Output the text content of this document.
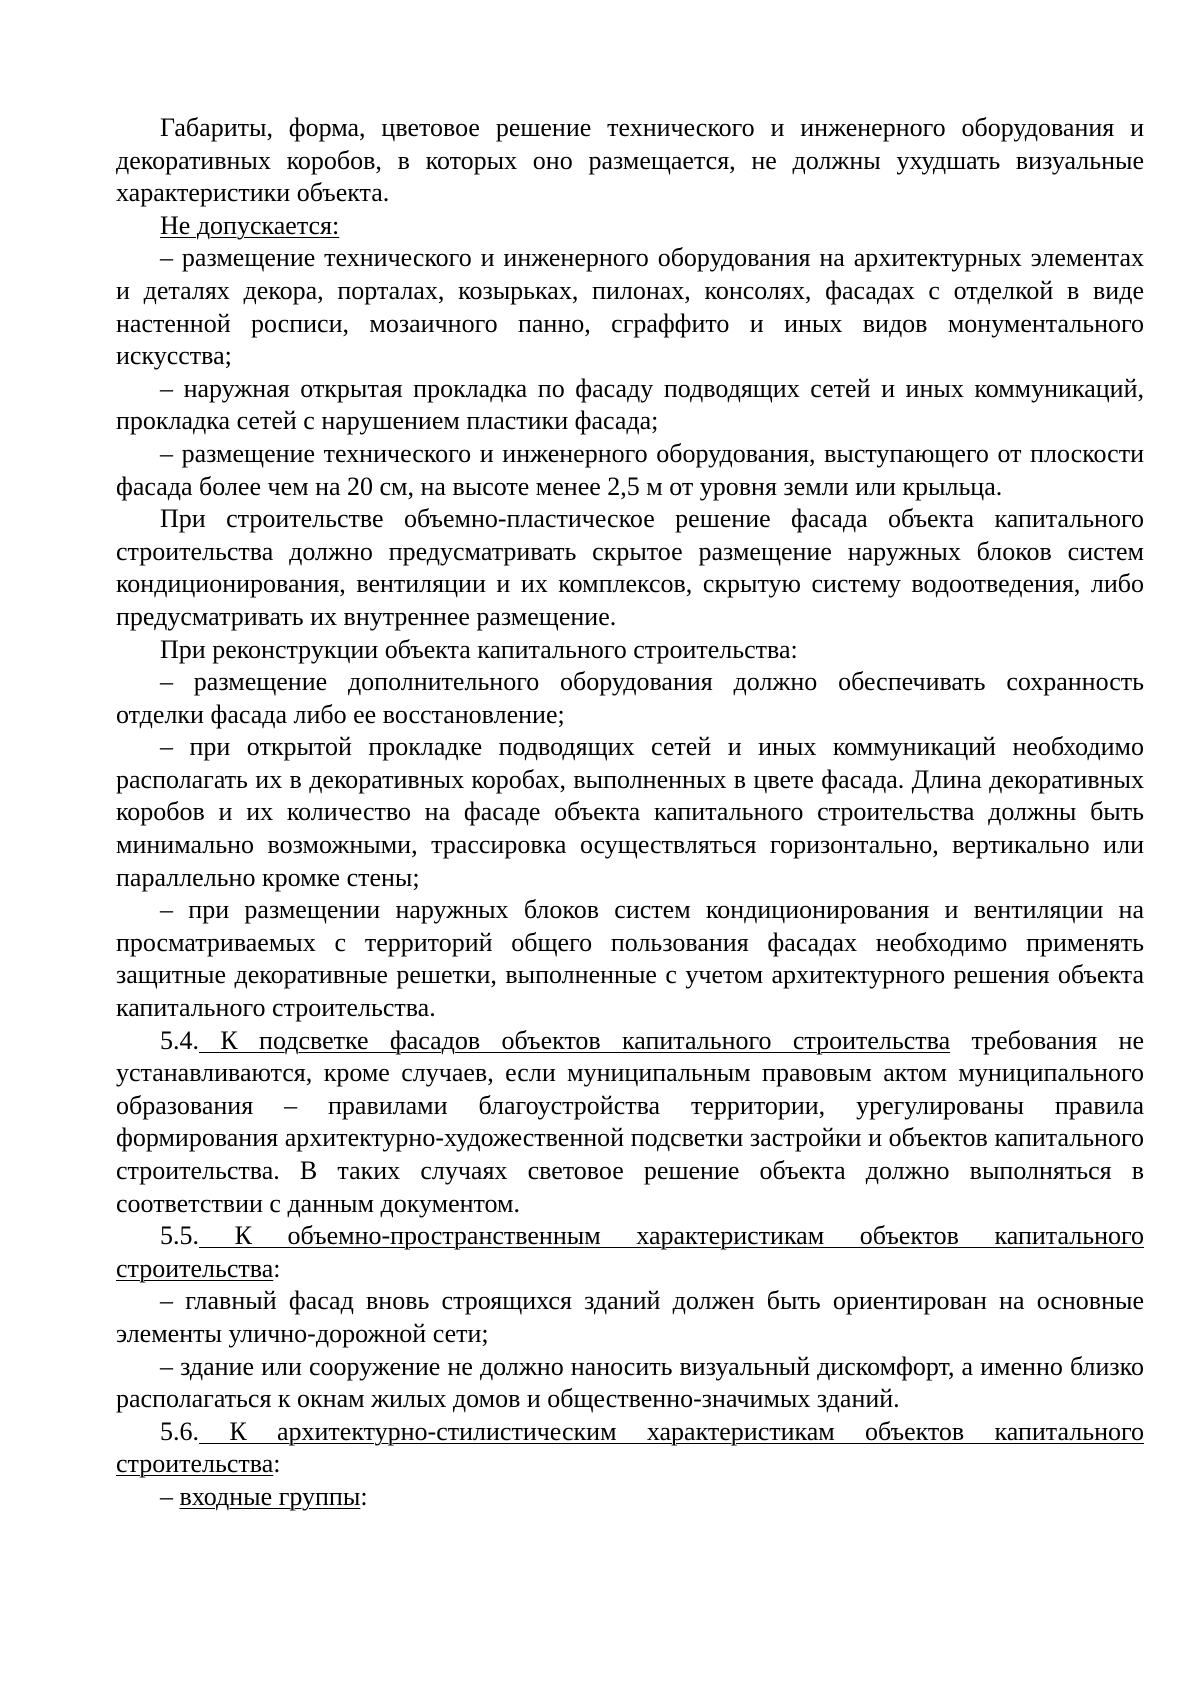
Габариты, форма, цветовое решение технического и инженерного оборудования и декоративных коробов, в которых оно размещается, не должны ухудшать визуальные характеристики объекта.

Не допускается:

– размещение технического и инженерного оборудования на архитектурных элементах и деталях декора, порталах, козырьках, пилонах, консолях, фасадах с отделкой в виде настенной росписи, мозаичного панно, сграффито и иных видов монументального искусства;

– наружная открытая прокладка по фасаду подводящих сетей и иных коммуникаций, прокладка сетей с нарушением пластики фасада;

– размещение технического и инженерного оборудования, выступающего от плоскости фасада более чем на 20 см, на высоте менее 2,5 м от уровня земли или крыльца.

При строительстве объемно-пластическое решение фасада объекта капитального строительства должно предусматривать скрытое размещение наружных блоков систем кондиционирования, вентиляции и их комплексов, скрытую систему водоотведения, либо предусматривать их внутреннее размещение.

При реконструкции объекта капитального строительства:

– размещение дополнительного оборудования должно обеспечивать сохранность отделки фасада либо ее восстановление;

– при открытой прокладке подводящих сетей и иных коммуникаций необходимо располагать их в декоративных коробах, выполненных в цвете фасада. Длина декоративных коробов и их количество на фасаде объекта капитального строительства должны быть минимально возможными, трассировка осуществляться горизонтально, вертикально или параллельно кромке стены;

– при размещении наружных блоков систем кондиционирования и вентиляции на просматриваемых с территорий общего пользования фасадах необходимо применять защитные декоративные решетки, выполненные с учетом архитектурного решения объекта капитального строительства.

5.4. К подсветке фасадов объектов капитального строительства требования не устанавливаются, кроме случаев, если муниципальным правовым актом муниципального образования – правилами благоустройства территории, урегулированы правила формирования архитектурно-художественной подсветки застройки и объектов капитального строительства. В таких случаях световое решение объекта должно выполняться в соответствии с данным документом.

5.5. К объемно-пространственным характеристикам объектов капитального строительства:

– главный фасад вновь строящихся зданий должен быть ориентирован на основные элементы улично-дорожной сети;

– здание или сооружение не должно наносить визуальный дискомфорт, а именно близко располагаться к окнам жилых домов и общественно-значимых зданий.

5.6. К архитектурно-стилистическим характеристикам объектов капитального строительства:

– входные группы:
